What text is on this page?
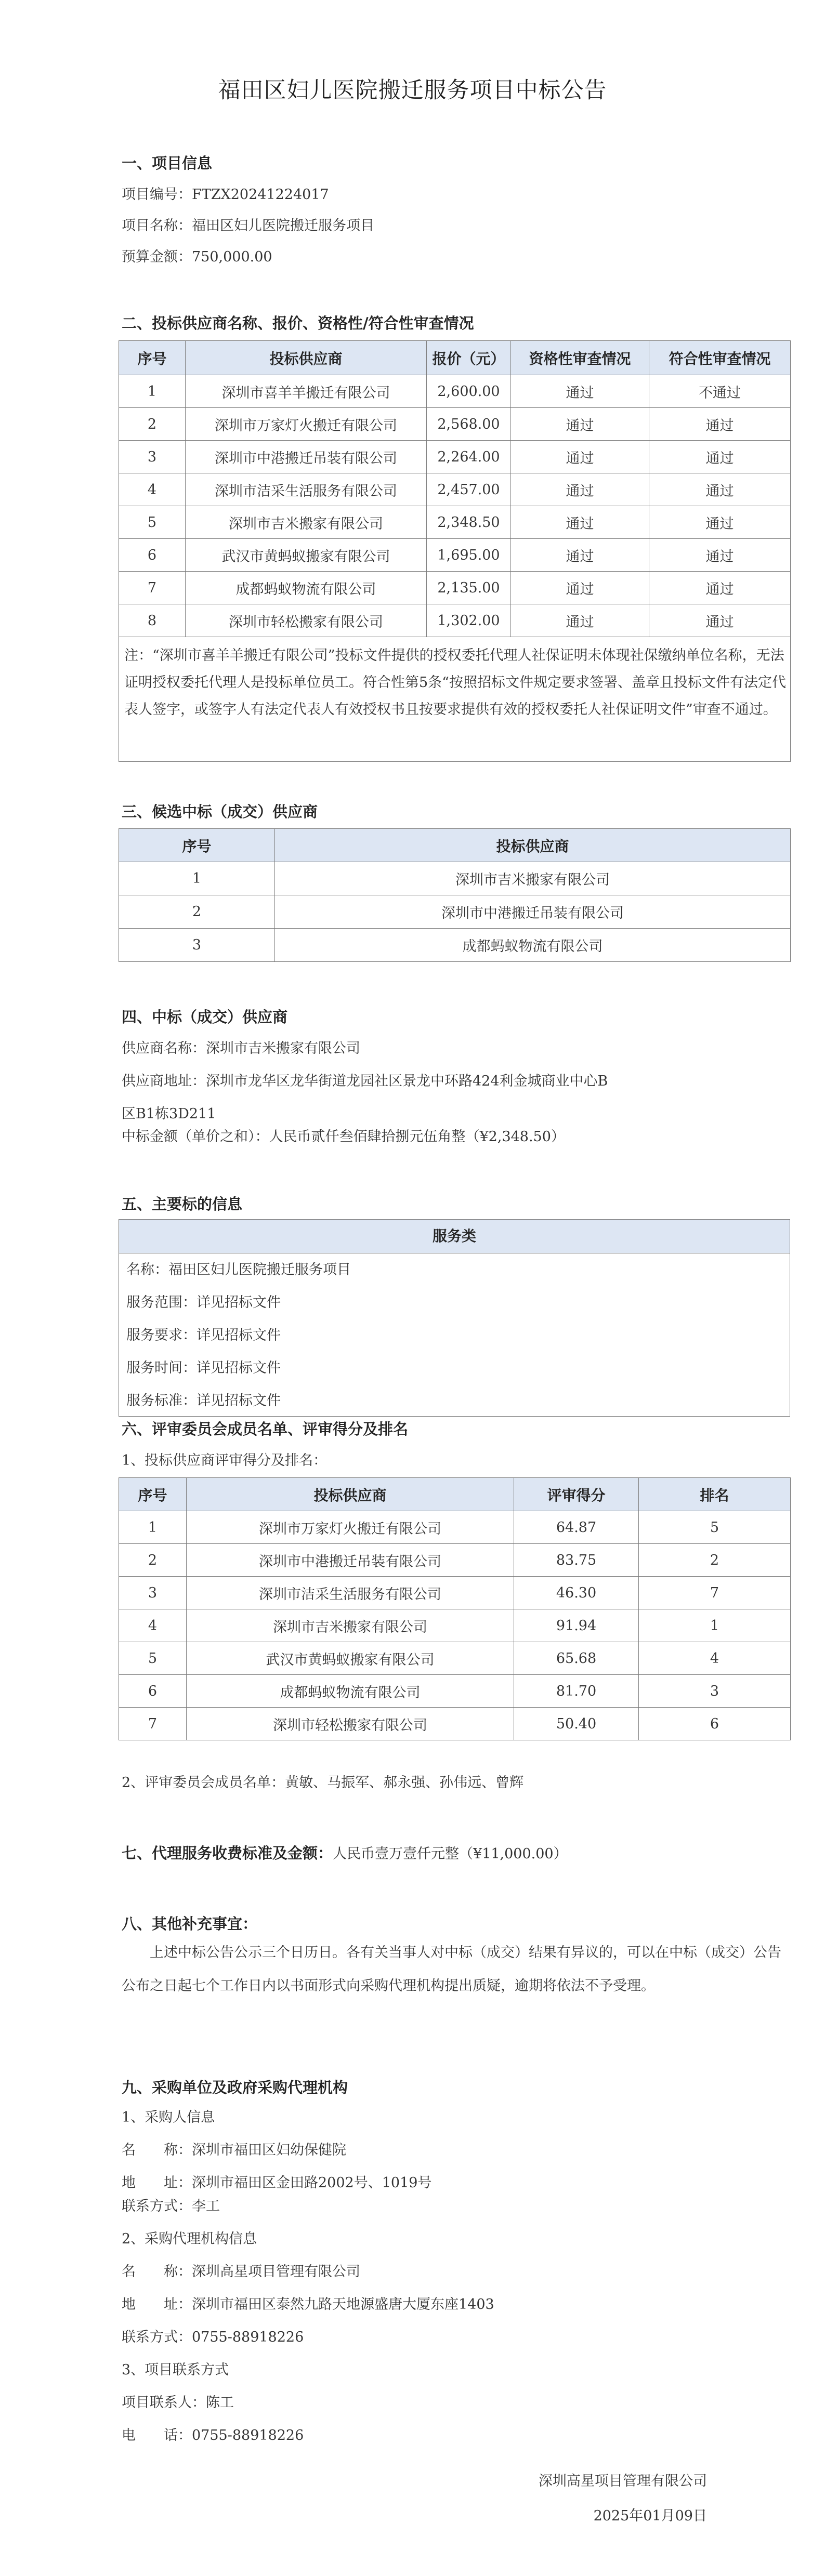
福田区妇儿医院搬迁服务项目中标公告
一、项目信息
项目编号：FTZX20241224017
项目名称：福田区妇儿医院搬迁服务项目
预算金额：750,000.00
二、投标供应商名称、报价、资格性/符合性审查情况
序号	投标供应商	报价（元）	资格性审查情况	符合性审查情况
1	深圳市喜羊羊搬迁有限公司	2,600.00	通过	不通过
2	深圳市万家灯火搬迁有限公司	2,568.00	通过	通过
3	深圳市中港搬迁吊装有限公司	2,264.00	通过	通过
4	深圳市洁采生活服务有限公司	2,457.00	通过	通过
5	深圳市吉米搬家有限公司	2,348.50	通过	通过
6	武汉市黄蚂蚁搬家有限公司	1,695.00	通过	通过
7	成都蚂蚁物流有限公司	2,135.00	通过	通过
8	深圳市轻松搬家有限公司	1,302.00	通过	通过
注：“深圳市喜羊羊搬迁有限公司”投标文件提供的授权委托代理人社保证明未体现社保缴纳单位名称，无法证明授权委托代理人是投标单位员工。符合性第5条“按照招标文件规定要求签署、盖章且投标文件有法定代表人签字，或签字人有法定代表人有效授权书且按要求提供有效的授权委托人社保证明文件”审查不通过。				
三、候选中标（成交）供应商
序号	投标供应商
1	深圳市吉米搬家有限公司
2	深圳市中港搬迁吊装有限公司
3	成都蚂蚁物流有限公司
四、中标（成交）供应商
供应商名称：深圳市吉米搬家有限公司
供应商地址：深圳市龙华区龙华街道龙园社区景龙中环路424利金城商业中心B
区B1栋3D211
中标金额（单价之和）：人民币贰仟叁佰肆拾捌元伍角整（¥2,348.50）
五、主要标的信息
服务类
名称：福田区妇儿医院搬迁服务项目
服务范围：详见招标文件
服务要求：详见招标文件
服务时间：详见招标文件
服务标准：详见招标文件
六、评审委员会成员名单、评审得分及排名
1、投标供应商评审得分及排名：
序号	投标供应商	评审得分	排名
1	深圳市万家灯火搬迁有限公司	64.87	5
2	深圳市中港搬迁吊装有限公司	83.75	2
3	深圳市洁采生活服务有限公司	46.30	7
4	深圳市吉米搬家有限公司	91.94	1
5	武汉市黄蚂蚁搬家有限公司	65.68	4
6	成都蚂蚁物流有限公司	81.70	3
7	深圳市轻松搬家有限公司	50.40	6
2、评审委员会成员名单：黄敏、马振军、郝永强、孙伟远、曾辉
七、代理服务收费标准及金额：人民币壹万壹仟元整（¥11,000.00）
八、其他补充事宜：
上述中标公告公示三个日历日。各有关当事人对中标（成交）结果有异议的，可以在中标（成交）公告公布之日起七个工作日内以书面形式向采购代理机构提出质疑，逾期将依法不予受理。
九、采购单位及政府采购代理机构
1、采购人信息
名　　称：深圳市福田区妇幼保健院
地　　址：深圳市福田区金田路2002号、1019号
联系方式：李工
2、采购代理机构信息
名　　称：深圳高星项目管理有限公司
地　　址：深圳市福田区泰然九路天地源盛唐大厦东座1403
联系方式：0755-88918226
3、项目联系方式
项目联系人：陈工
电　　话：0755-88918226
深圳高星项目管理有限公司
2025年01月09日
